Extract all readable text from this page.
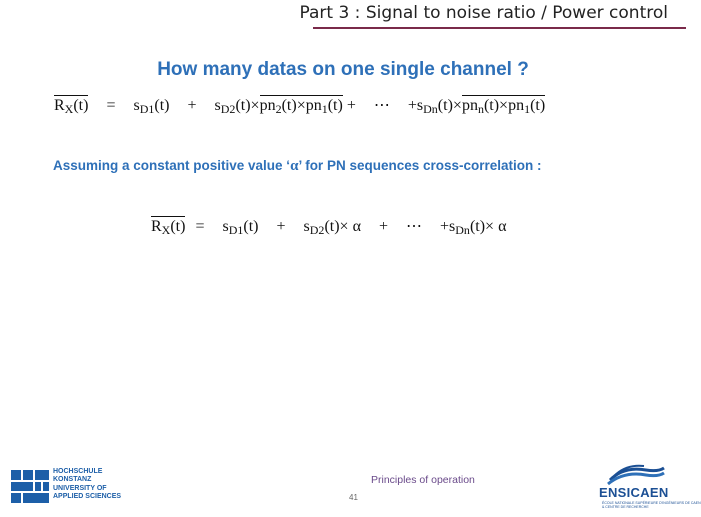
Part 3 : Signal to noise ratio / Power control
How many datas on one single channel ?
$R_X(t) = s_{D1}(t) + s_{D2}(t)\times pn_2(t)\times pn_1(t)$ + ⋯ $+s_{Dn}(t)\times pn_n(t)\times pn_1(t)$
Assuming a constant positive value ‘α’ for PN sequences cross-correlation :
$R_X(t) = s_{D1}(t) + s_{D2}(t)\times \alpha$ + ⋯ $+s_{Dn}(t)\times \alpha$
HOCHSCHULE
KONSTANZ
UNIVERSITY OF
APPLIED SCIENCES
Principles of operation
41	ENSICAEN
ÉCOLE NATIONALE SUPÉRIEURE D'INGÉNIEURS DE CAEN
& CENTRE DE RECHERCHE
